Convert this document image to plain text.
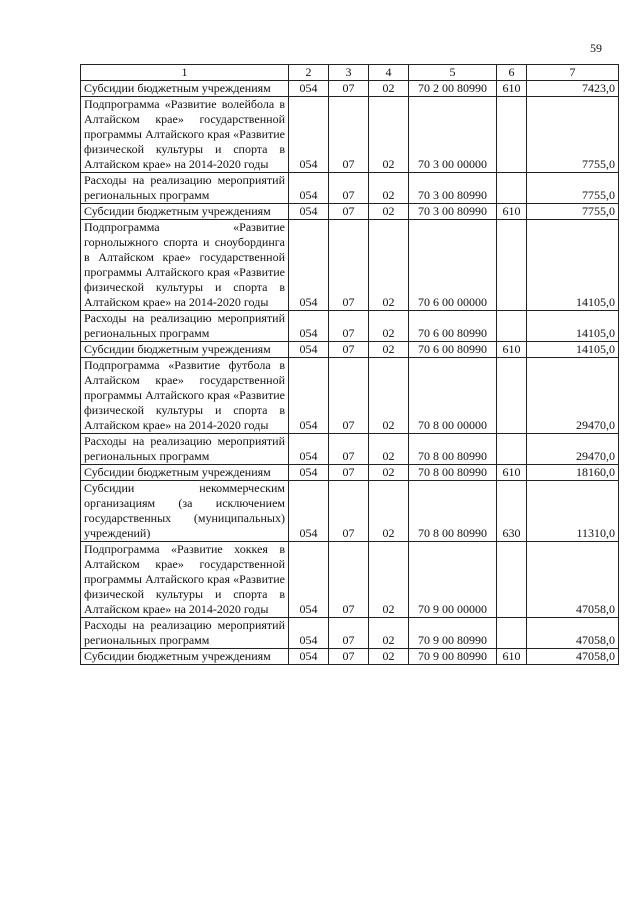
59
1	2	3	4	5	6	7
Субсидии бюджетным учреждениям	054	07	02	70 2 00 80990	610	7423,0
Подпрограмма «Развитие волейбола в Алтайском крае» государственной программы Алтайского края «Развитие физической культуры и спорта в Алтайском крае» на 2014-2020 годы	054	07	02	70 3 00 00000		7755,0
Расходы на реализацию мероприятий региональных программ	054	07	02	70 3 00 80990		7755,0
Субсидии бюджетным учреждениям	054	07	02	70 3 00 80990	610	7755,0
Подпрограмма «Развитие горнолыжного спорта и сноубординга в Алтайском крае» государственной программы Алтайского края «Развитие физической культуры и спорта в Алтайском крае» на 2014-2020 годы	054	07	02	70 6 00 00000		14105,0
Расходы на реализацию мероприятий региональных программ	054	07	02	70 6 00 80990		14105,0
Субсидии бюджетным учреждениям	054	07	02	70 6 00 80990	610	14105,0
Подпрограмма «Развитие футбола в Алтайском крае» государственной программы Алтайского края «Развитие физической культуры и спорта в Алтайском крае» на 2014-2020 годы	054	07	02	70 8 00 00000		29470,0
Расходы на реализацию мероприятий региональных программ	054	07	02	70 8 00 80990		29470,0
Субсидии бюджетным учреждениям	054	07	02	70 8 00 80990	610	18160,0
Субсидии некоммерческим организациям (за исключением государственных (муниципальных) учреждений)	054	07	02	70 8 00 80990	630	11310,0
Подпрограмма «Развитие хоккея в Алтайском крае» государственной программы Алтайского края «Развитие физической культуры и спорта в Алтайском крае» на 2014-2020 годы	054	07	02	70 9 00 00000		47058,0
Расходы на реализацию мероприятий региональных программ	054	07	02	70 9 00 80990		47058,0
Субсидии бюджетным учреждениям	054	07	02	70 9 00 80990	610	47058,0
